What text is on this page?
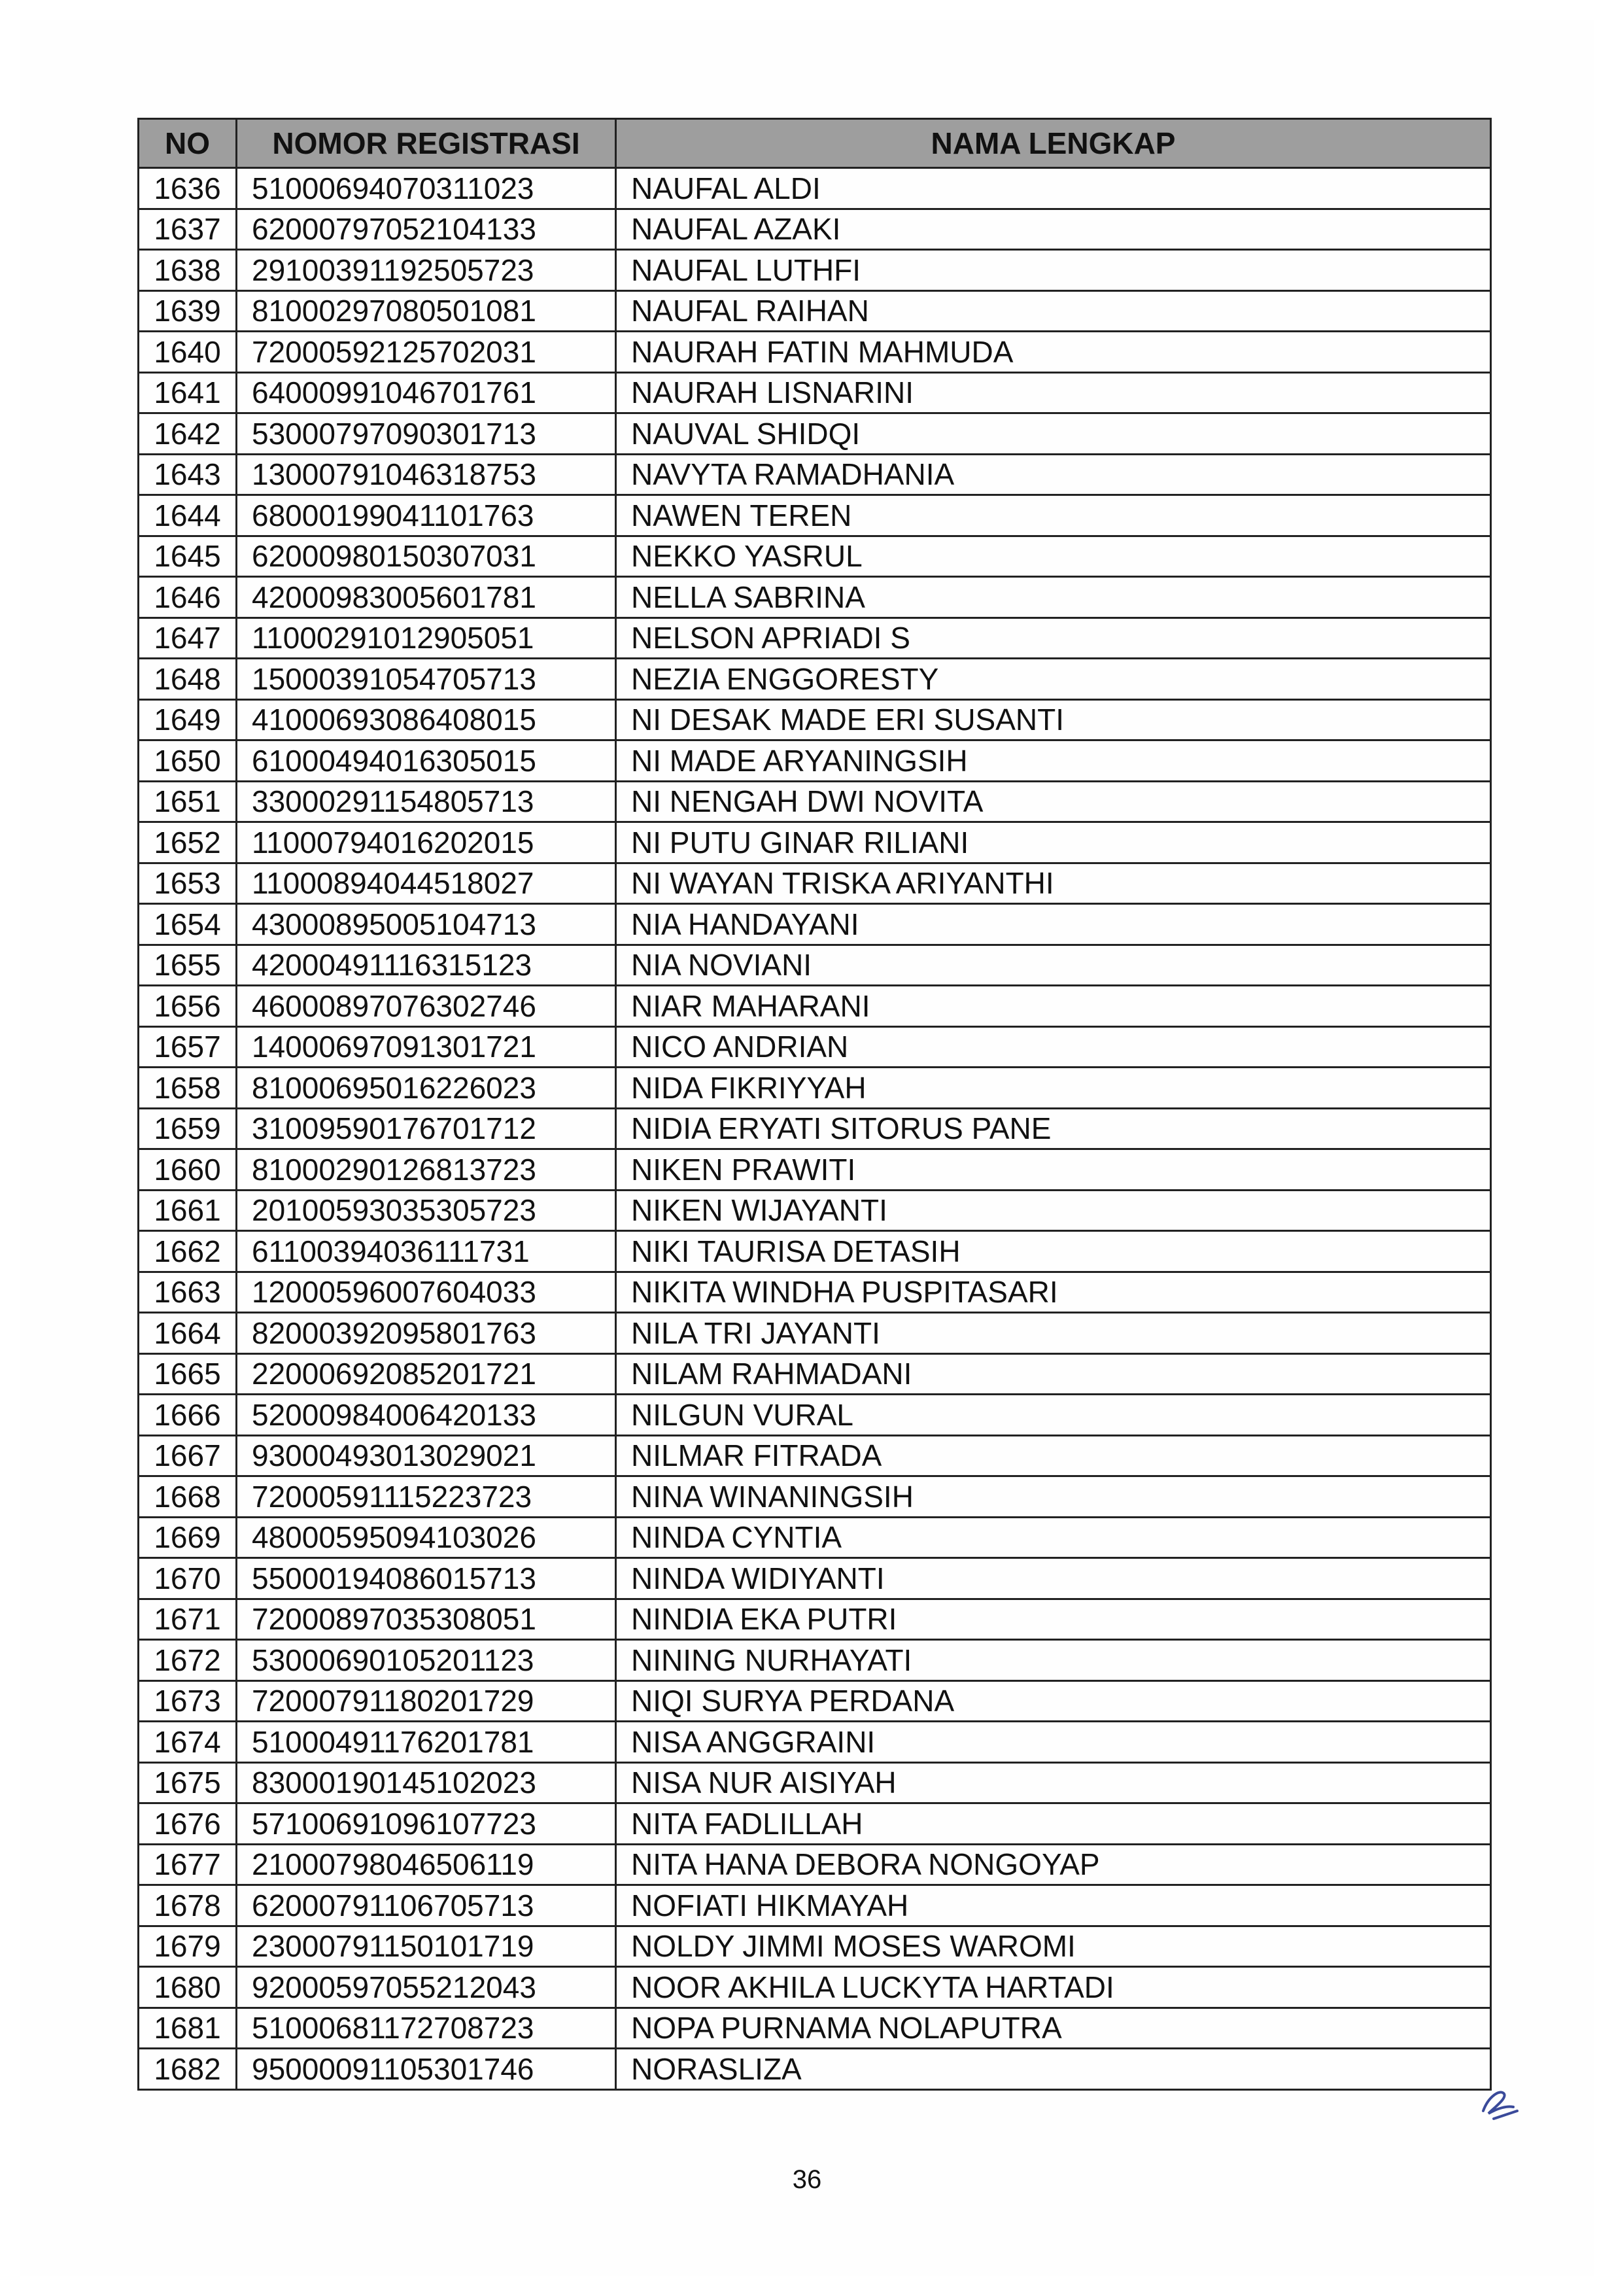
NO	NOMOR REGISTRASI	NAMA LENGKAP
1636	51000694070311023	NAUFAL ALDI
1637	62000797052104133	NAUFAL AZAKI
1638	29100391192505723	NAUFAL LUTHFI
1639	81000297080501081	NAUFAL RAIHAN
1640	72000592125702031	NAURAH FATIN MAHMUDA
1641	64000991046701761	NAURAH LISNARINI
1642	53000797090301713	NAUVAL SHIDQI
1643	13000791046318753	NAVYTA RAMADHANIA
1644	68000199041101763	NAWEN TEREN
1645	62000980150307031	NEKKO YASRUL
1646	42000983005601781	NELLA SABRINA
1647	11000291012905051	NELSON APRIADI S
1648	15000391054705713	NEZIA ENGGORESTY
1649	41000693086408015	NI DESAK MADE ERI SUSANTI
1650	61000494016305015	NI MADE ARYANINGSIH
1651	33000291154805713	NI NENGAH DWI NOVITA
1652	11000794016202015	NI PUTU GINAR RILIANI
1653	11000894044518027	NI WAYAN TRISKA ARIYANTHI
1654	43000895005104713	NIA HANDAYANI
1655	42000491116315123	NIA NOVIANI
1656	46000897076302746	NIAR MAHARANI
1657	14000697091301721	NICO ANDRIAN
1658	81000695016226023	NIDA FIKRIYYAH
1659	31009590176701712	NIDIA ERYATI SITORUS PANE
1660	81000290126813723	NIKEN PRAWITI
1661	20100593035305723	NIKEN WIJAYANTI
1662	61100394036111731	NIKI TAURISA DETASIH
1663	12000596007604033	NIKITA WINDHA PUSPITASARI
1664	82000392095801763	NILA TRI JAYANTI
1665	22000692085201721	NILAM RAHMADANI
1666	52000984006420133	NILGUN VURAL
1667	93000493013029021	NILMAR FITRADA
1668	72000591115223723	NINA WINANINGSIH
1669	48000595094103026	NINDA CYNTIA
1670	55000194086015713	NINDA WIDIYANTI
1671	72000897035308051	NINDIA EKA PUTRI
1672	53000690105201123	NINING NURHAYATI
1673	72000791180201729	NIQI SURYA PERDANA
1674	51000491176201781	NISA ANGGRAINI
1675	83000190145102023	NISA NUR AISIYAH
1676	57100691096107723	NITA FADLILLAH
1677	21000798046506119	NITA HANA DEBORA NONGOYAP
1678	62000791106705713	NOFIATI HIKMAYAH
1679	23000791150101719	NOLDY JIMMI MOSES WAROMI
1680	92000597055212043	NOOR AKHILA LUCKYTA HARTADI
1681	51000681172708723	NOPA PURNAMA NOLAPUTRA
1682	95000091105301746	NORASLIZA
36
